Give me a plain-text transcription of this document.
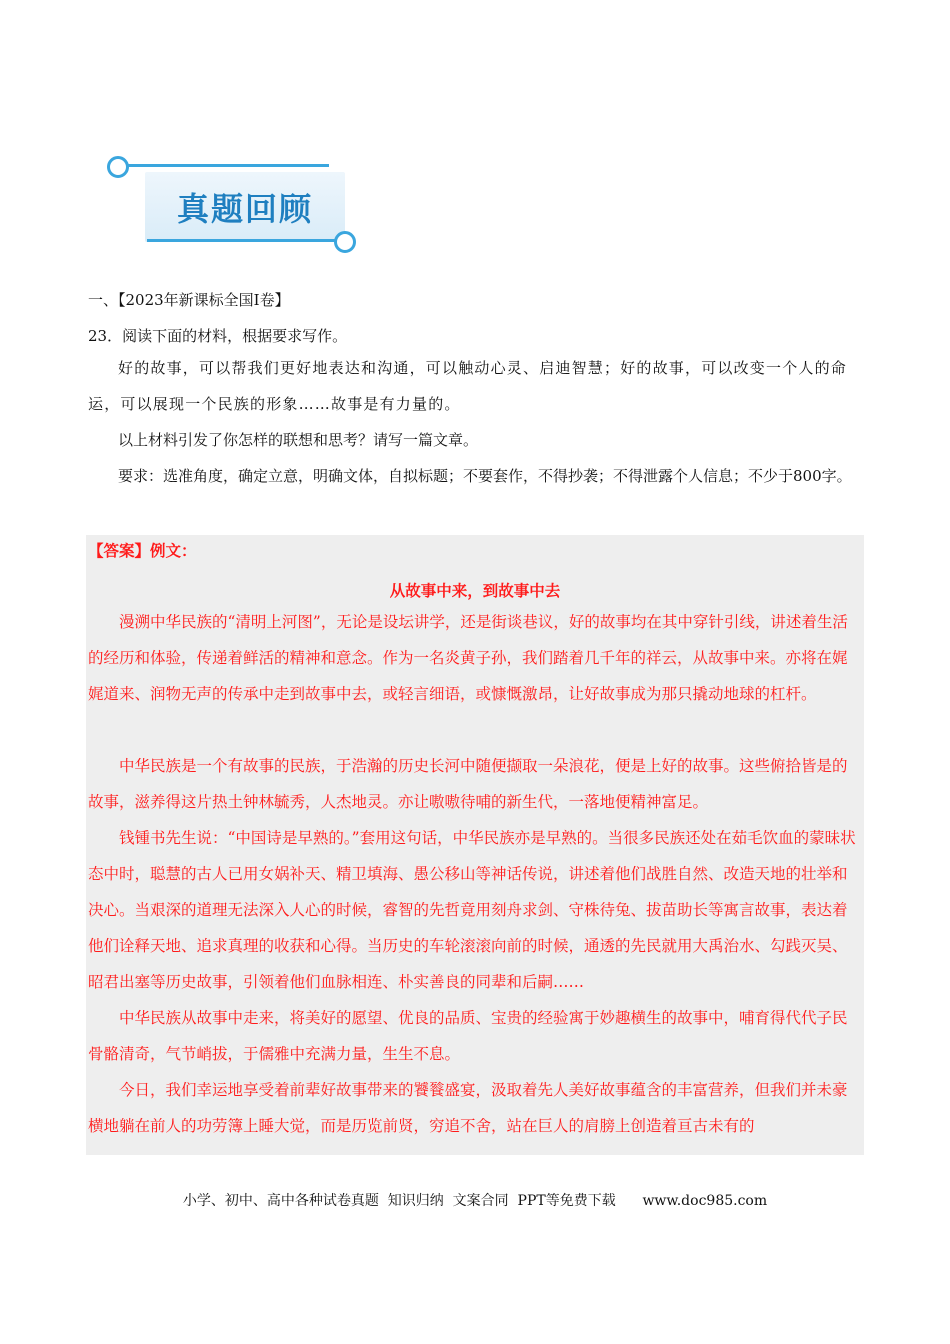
真题回顾
一、【2023年新课标全国Ⅰ卷】
23．阅读下面的材料，根据要求写作。
好的故事，可以帮我们更好地表达和沟通，可以触动心灵、启迪智慧；好的故事，可以改变一个人的命运，可以展现一个民族的形象……故事是有力量的。
以上材料引发了你怎样的联想和思考？请写一篇文章。
要求：选准角度，确定立意，明确文体，自拟标题；不要套作，不得抄袭；不得泄露个人信息；不少于800字。
【答案】例文：
从故事中来，到故事中去
漫溯中华民族的“清明上河图”，无论是设坛讲学，还是街谈巷议，好的故事均在其中穿针引线，讲述着生活的经历和体验，传递着鲜活的精神和意念。作为一名炎黄子孙，我们踏着几千年的祥云，从故事中来。亦将在娓娓道来、润物无声的传承中走到故事中去，或轻言细语，或慷慨激昂，让好故事成为那只撬动地球的杠杆。
中华民族是一个有故事的民族，于浩瀚的历史长河中随便撷取一朵浪花，便是上好的故事。这些俯拾皆是的故事，滋养得这片热土钟林毓秀，人杰地灵。亦让嗷嗷待哺的新生代，一落地便精神富足。
钱锺书先生说：“中国诗是早熟的。”套用这句话，中华民族亦是早熟的。当很多民族还处在茹毛饮血的蒙昧状态中时，聪慧的古人已用女娲补天、精卫填海、愚公移山等神话传说，讲述着他们战胜自然、改造天地的壮举和决心。当艰深的道理无法深入人心的时候，睿智的先哲竟用刻舟求剑、守株待兔、拔苗助长等寓言故事，表达着他们诠释天地、追求真理的收获和心得。当历史的车轮滚滚向前的时候，通透的先民就用大禹治水、勾践灭吴、昭君出塞等历史故事，引领着他们血脉相连、朴实善良的同辈和后嗣……
中华民族从故事中走来，将美好的愿望、优良的品质、宝贵的经验寓于妙趣横生的故事中，哺育得代代子民骨骼清奇，气节峭拔，于儒雅中充满力量，生生不息。
今日，我们幸运地享受着前辈好故事带来的饕餮盛宴，汲取着先人美好故事蕴含的丰富营养，但我们并未豪横地躺在前人的功劳簿上睡大觉，而是历览前贤，穷追不舍，站在巨人的肩膀上创造着亘古未有的
小学、初中、高中各种试卷真题  知识归纳  文案合同  PPT等免费下载      www.doc985.com
